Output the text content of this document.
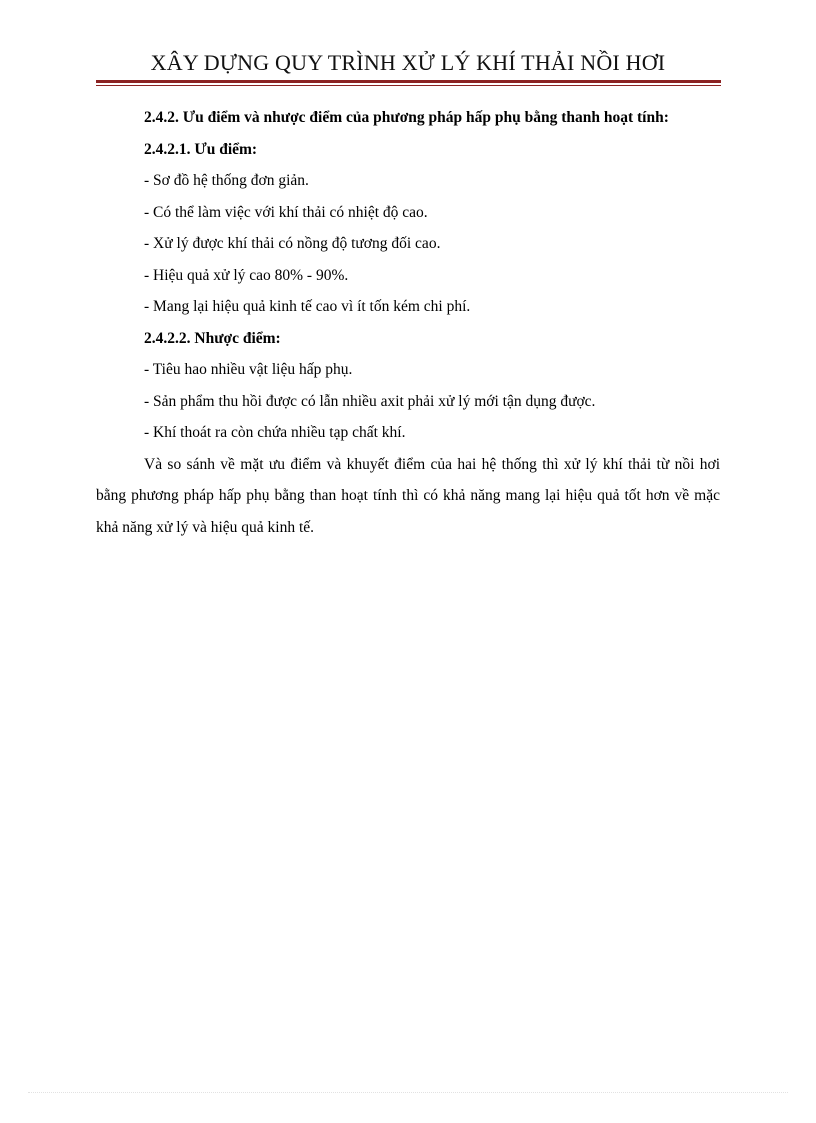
XÂY DỰNG QUY TRÌNH XỬ LÝ KHÍ THẢI NỒI HƠI

2.4.2. Ưu điểm và nhược điểm của phương pháp hấp phụ bằng thanh hoạt tính:

2.4.2.1. Ưu điểm:

- Sơ đồ hệ thống đơn giản.

- Có thể làm việc với khí thải có nhiệt độ cao.

- Xử lý được khí thải có nồng độ tương đối cao.

- Hiệu quả xử lý cao 80% - 90%.

- Mang lại hiệu quả kinh tế cao vì ít tốn kém chi phí.

2.4.2.2. Nhược điểm:

- Tiêu hao nhiều vật liệu hấp phụ.

- Sản phẩm thu hồi được có lẫn nhiều axit phải xử lý mới tận dụng được.

- Khí thoát ra còn chứa nhiều tạp chất khí.

Và so sánh về mặt ưu điểm và khuyết điểm của hai hệ thống thì xử lý khí thải từ nồi hơi bằng phương pháp hấp phụ bằng than hoạt tính thì có khả năng mang lại hiệu quả tốt hơn về mặc khả năng xử lý và hiệu quả kinh tế.
